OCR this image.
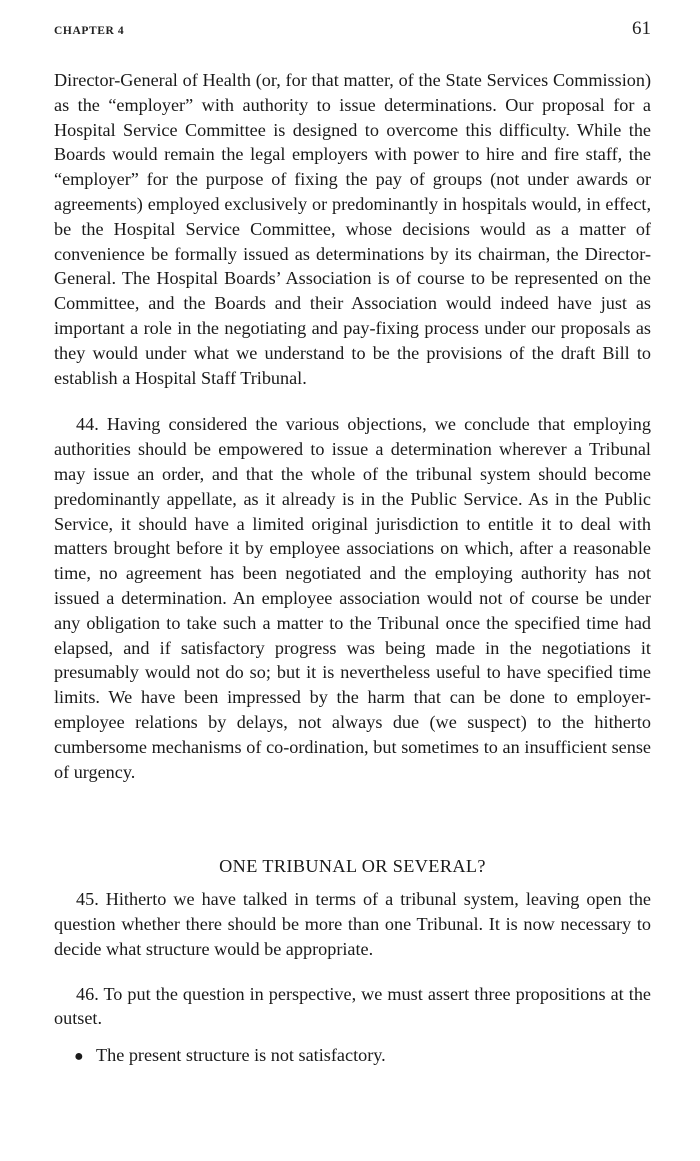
CHAPTER 4	61

Director-General of Health (or, for that matter, of the State Services Commission) as the “employer” with authority to issue determinations. Our proposal for a Hospital Service Committee is designed to overcome this difficulty. While the Boards would remain the legal employers with power to hire and fire staff, the “employer” for the purpose of fixing the pay of groups (not under awards or agreements) employed exclusively or predominantly in hospitals would, in effect, be the Hospital Service Committee, whose decisions would as a matter of convenience be formally issued as determinations by its chairman, the Director-General. The Hospital Boards’ Association is of course to be represented on the Committee, and the Boards and their Association would indeed have just as important a role in the negotiating and pay-fixing process under our proposals as they would under what we understand to be the provisions of the draft Bill to establish a Hospital Staff Tribunal.

44. Having considered the various objections, we conclude that employing authorities should be empowered to issue a determination wherever a Tribunal may issue an order, and that the whole of the tribunal system should become predominantly appellate, as it already is in the Public Service. As in the Public Service, it should have a limited original jurisdiction to entitle it to deal with matters brought before it by employee associations on which, after a reasonable time, no agreement has been negotiated and the employing authority has not issued a determination. An employee association would not of course be under any obligation to take such a matter to the Tribunal once the specified time had elapsed, and if satisfactory progress was being made in the negotiations it presumably would not do so; but it is nevertheless useful to have specified time limits. We have been impressed by the harm that can be done to employer-employee relations by delays, not always due (we suspect) to the hitherto cumbersome mechanisms of co-ordination, but sometimes to an insufficient sense of urgency.

ONE TRIBUNAL OR SEVERAL?

45. Hitherto we have talked in terms of a tribunal system, leaving open the question whether there should be more than one Tribunal. It is now necessary to decide what structure would be appropriate.

46. To put the question in perspective, we must assert three propositions at the outset.

● The present structure is not satisfactory.
